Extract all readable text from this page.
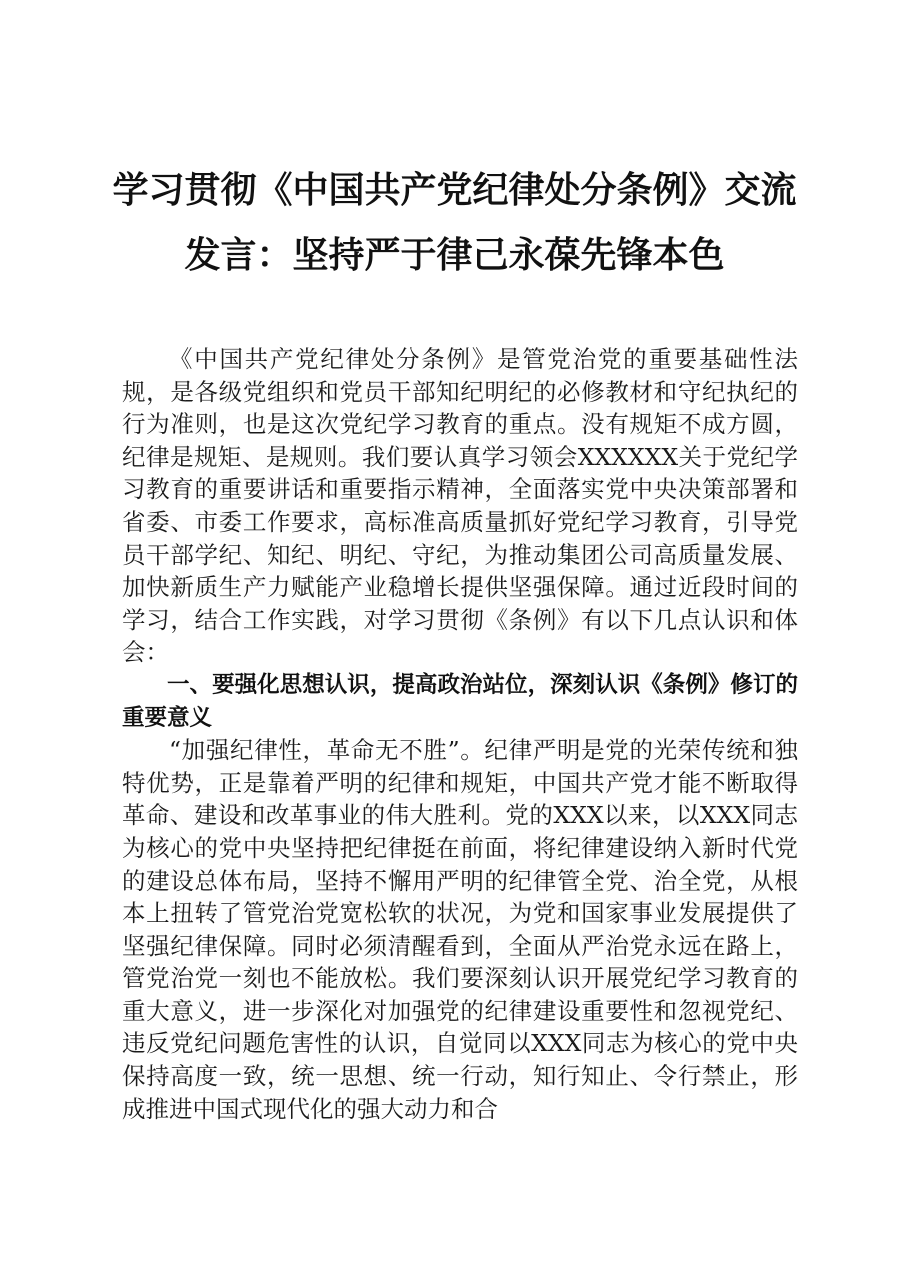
学习贯彻《中国共产党纪律处分条例》交流发言：坚持严于律己永葆先锋本色

《中国共产党纪律处分条例》是管党治党的重要基础性法规，是各级党组织和党员干部知纪明纪的必修教材和守纪执纪的行为准则，也是这次党纪学习教育的重点。没有规矩不成方圆，纪律是规矩、是规则。我们要认真学习领会XXXXXX关于党纪学习教育的重要讲话和重要指示精神，全面落实党中央决策部署和省委、市委工作要求，高标准高质量抓好党纪学习教育，引导党员干部学纪、知纪、明纪、守纪，为推动集团公司高质量发展、加快新质生产力赋能产业稳增长提供坚强保障。通过近段时间的学习，结合工作实践，对学习贯彻《条例》有以下几点认识和体会：

一、要强化思想认识，提高政治站位，深刻认识《条例》修订的重要意义

“加强纪律性，革命无不胜”。纪律严明是党的光荣传统和独特优势，正是靠着严明的纪律和规矩，中国共产党才能不断取得革命、建设和改革事业的伟大胜利。党的XXX以来，以XXX同志为核心的党中央坚持把纪律挺在前面，将纪律建设纳入新时代党的建设总体布局，坚持不懈用严明的纪律管全党、治全党，从根本上扭转了管党治党宽松软的状况，为党和国家事业发展提供了坚强纪律保障。同时必须清醒看到，全面从严治党永远在路上，管党治党一刻也不能放松。我们要深刻认识开展党纪学习教育的重大意义，进一步深化对加强党的纪律建设重要性和忽视党纪、违反党纪问题危害性的认识，自觉同以XXX同志为核心的党中央保持高度一致，统一思想、统一行动，知行知止、令行禁止，形成推进中国式现代化的强大动力和合
